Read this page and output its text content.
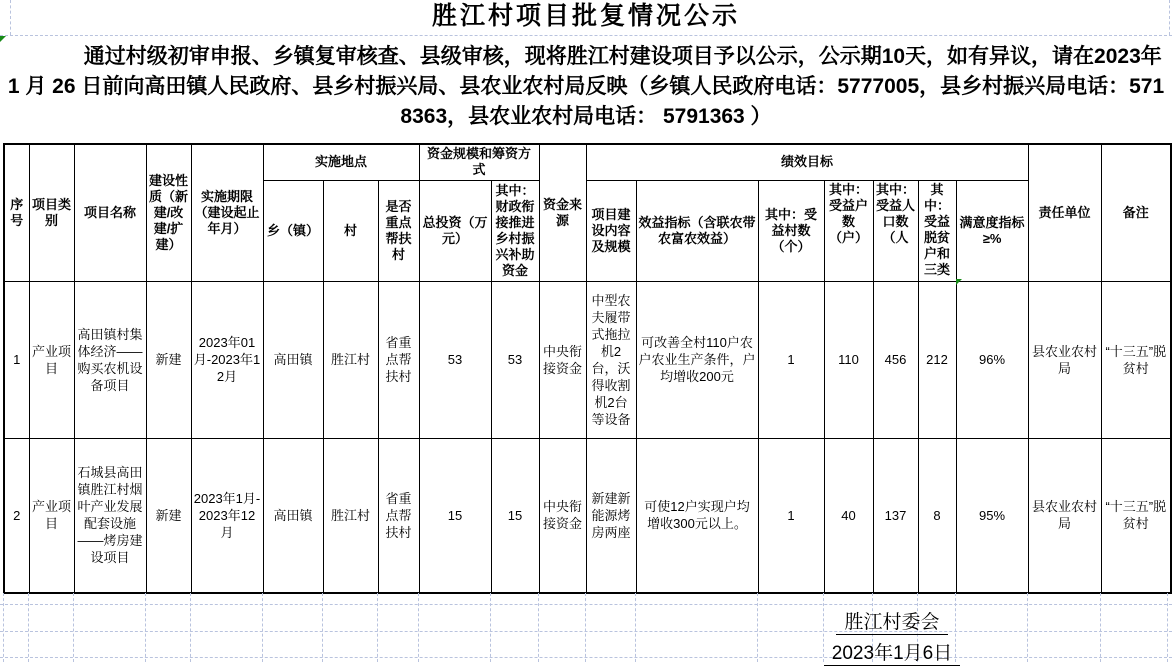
胜江村项目批复情况公示
通过村级初审申报、乡镇复审核查、县级审核，现将胜江村建设项目予以公示，公示期10天，如有异议，请在2023年 1 月 26 日前向高田镇人民政府、县乡村振兴局、县农业农村局反映（乡镇人民政府电话：5777005，县乡村振兴局电话：5718363，县农业农村局电话： 5791363 ）
序号	项目类别	项目名称	建设性质（新建/改建/扩建）	实施期限（建设起止年月）	实施地点			资金规模和筹资方式		资金来源	绩效目标							责任单位	备注
					乡（镇）	村	是否重点帮扶村	总投资（万元）	其中：财政衔接推进乡村振兴补助资金		项目建设内容及规模	效益指标（含联农带农富农效益）	其中：受益村数（个）	其中：受益户数（户）	其中：受益人口数（人	其中：受益脱贫户和三类	满意度指标≥%		
1	产业项目	高田镇村集体经济——购买农机设备项目	新建	2023年01月-2023年12月	高田镇	胜江村	省重点帮扶村	53	53	中央衔接资金	中型农夫履带式拖拉机2台，沃得收割机2台等设备	可改善全村110户农户农业生产条件，户均增收200元	1	110	456	212	96%	县农业农村局	“十三五”脱贫村
2	产业项目	石城县高田镇胜江村烟叶产业发展配套设施——烤房建设项目	新建	2023年1月-2023年12月	高田镇	胜江村	省重点帮扶村	15	15	中央衔接资金	新建新能源烤房两座	可使12户实现户均增收300元以上。	1	40	137	8	95%	县农业农村局	“十三五”脱贫村
胜江村委会
2023年1月6日
